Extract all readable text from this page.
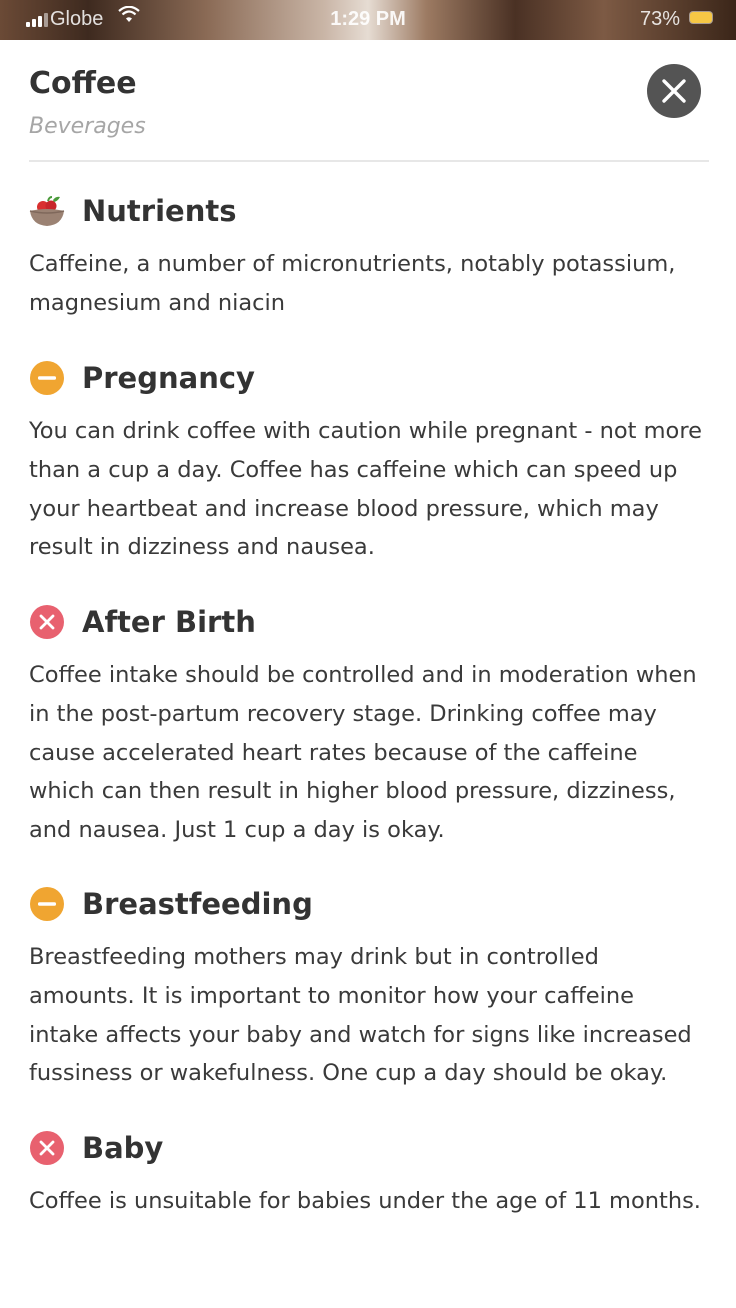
Globe	1:29 PM	73%
Coffee
Beverages
Nutrients
Caffeine, a number of micronutrients, notably potassium, magnesium and niacin
Pregnancy
You can drink coffee with caution while pregnant - not more than a cup a day. Coffee has caffeine which can speed up your heartbeat and increase blood pressure, which may result in dizziness and nausea.
After Birth
Coffee intake should be controlled and in moderation when in the post-partum recovery stage. Drinking coffee may cause accelerated heart rates because of the caffeine which can then result in higher blood pressure, dizziness, and nausea. Just 1 cup a day is okay.
Breastfeeding
Breastfeeding mothers may drink but in controlled amounts. It is important to monitor how your caffeine intake affects your baby and watch for signs like increased fussiness or wakefulness. One cup a day should be okay.
Baby
Coffee is unsuitable for babies under the age of 11 months.
